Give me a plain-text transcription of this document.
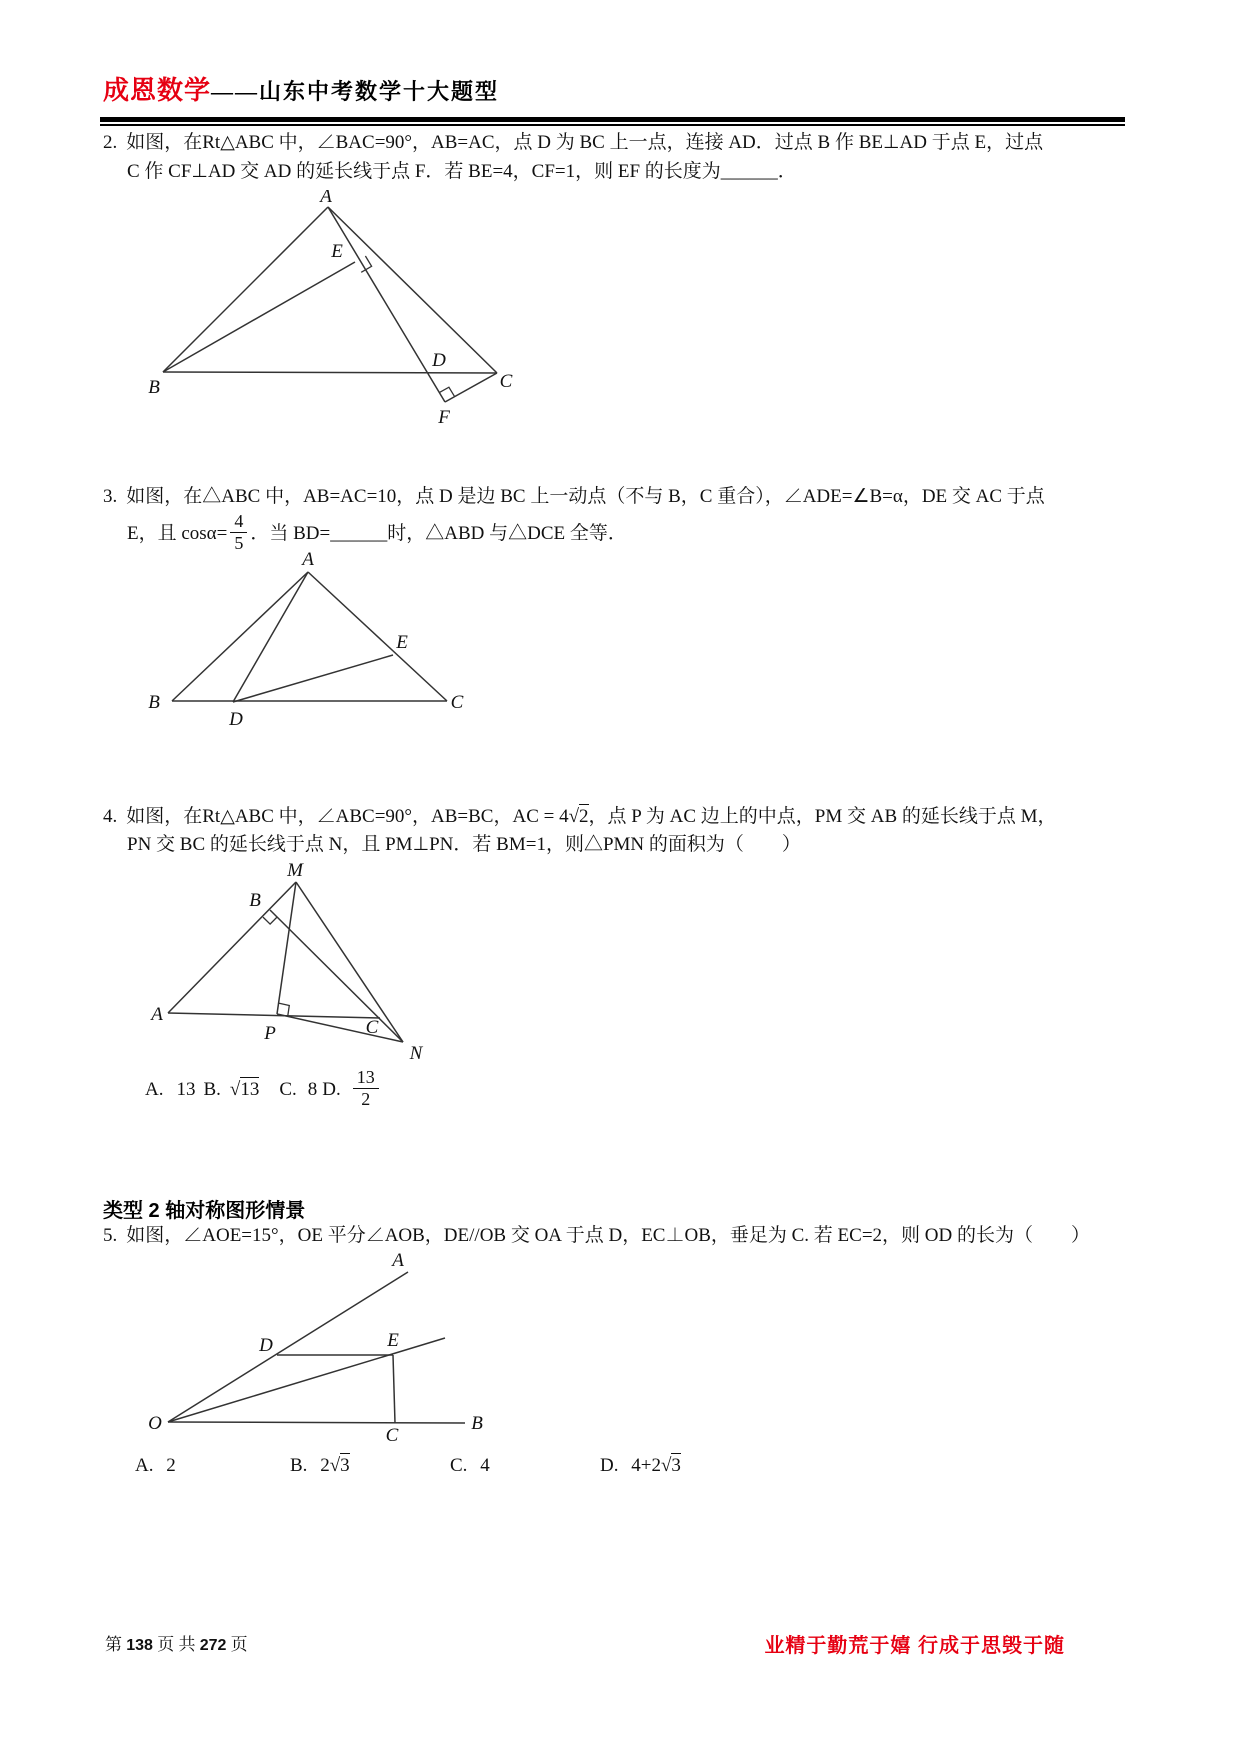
成恩数学 ——山东中考数学十大题型
2. 如图，在Rt△ABC 中，∠BAC=90°，AB=AC，点 D 为 BC 上一点，连接 AD．过点 B 作 BE⊥AD 于点 E，过点
C 作 CF⊥AD 交 AD 的延长线于点 F．若 BE=4，CF=1，则 EF 的长度为______．
A
E
B
D
C
F
3. 如图，在△ABC 中，AB=AC=10，点 D 是边 BC 上一动点（不与 B，C 重合），∠ADE=∠B=α，DE 交 AC 于点
E，且 $\cos\alpha= \frac{4}{5}$ ．当 BD= ______ 时，△ABD 与△DCE 全等．
A
B	C
D
E
4. 如图，在Rt△ABC 中，∠ABC=90°，AB=BC，AC = 4√2，点 P 为 AC 边上的中点，PM 交 AB 的延长线于点 M，
PN 交 BC 的延长线于点 N，且 PM⊥PN．若 BM=1，则△PMN 的面积为（　　）
M
B
A
P	C
N
A. 13 B. √13 C. 8 D. $\frac{13}{2}$
类型 2 轴对称图形情景
5. 如图，∠AOE=15°，OE 平分∠AOB，DE//OB 交 OA 于点 D，EC⊥OB，垂足为 C. 若 EC=2，则 OD 的长为（　　）
A
O	B
D	E
C
A. 2	B. 2√3	C. 4	D. 4+2√3
第 138 页 共 272 页	业精于勤荒于嬉 行成于思毁于随
